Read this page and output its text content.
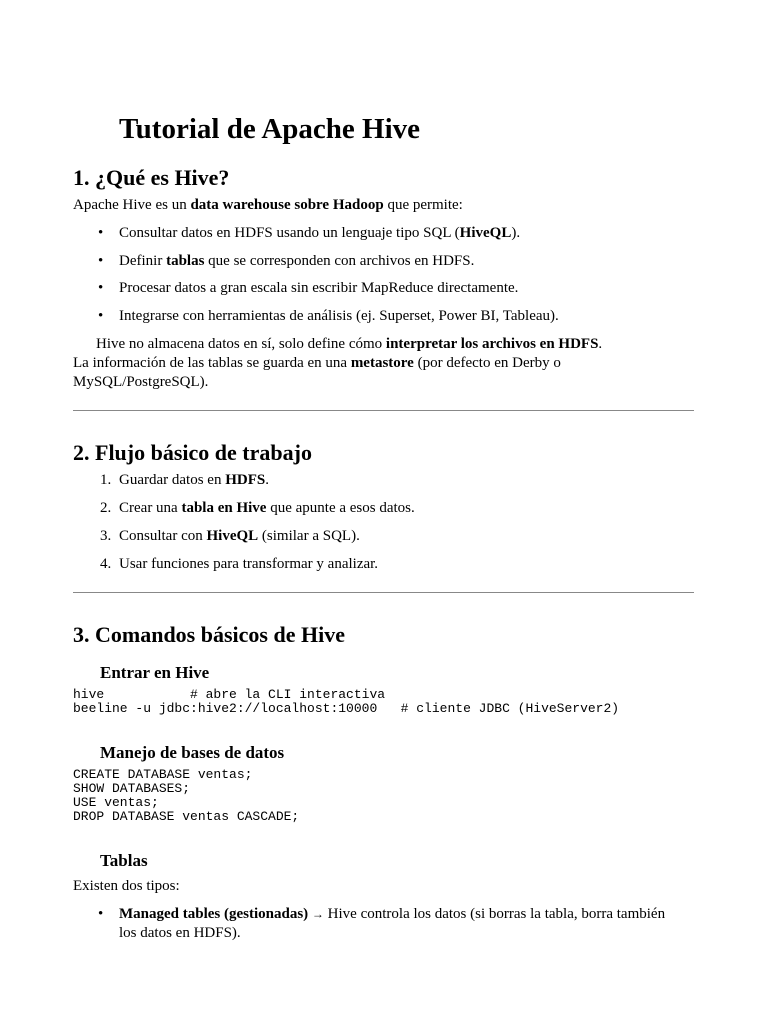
Tutorial de Apache Hive
1. ¿Qué es Hive?
Apache Hive es un data warehouse sobre Hadoop que permite:
• Consultar datos en HDFS usando un lenguaje tipo SQL (HiveQL).
• Definir tablas que se corresponden con archivos en HDFS.
• Procesar datos a gran escala sin escribir MapReduce directamente.
• Integrarse con herramientas de análisis (ej. Superset, Power BI, Tableau).
Hive no almacena datos en sí, solo define cómo interpretar los archivos en HDFS.
La información de las tablas se guarda en una metastore (por defecto en Derby o
MySQL/PostgreSQL).
2. Flujo básico de trabajo
1. Guardar datos en HDFS.
2. Crear una tabla en Hive que apunte a esos datos.
3. Consultar con HiveQL (similar a SQL).
4. Usar funciones para transformar y analizar.
3. Comandos básicos de Hive
Entrar en Hive
hive           # abre la CLI interactiva
beeline -u jdbc:hive2://localhost:10000   # cliente JDBC (HiveServer2)
Manejo de bases de datos
CREATE DATABASE ventas;
SHOW DATABASES;
USE ventas;
DROP DATABASE ventas CASCADE;
Tablas
Existen dos tipos:
• Managed tables (gestionadas) → Hive controla los datos (si borras la tabla, borra también
los datos en HDFS).
